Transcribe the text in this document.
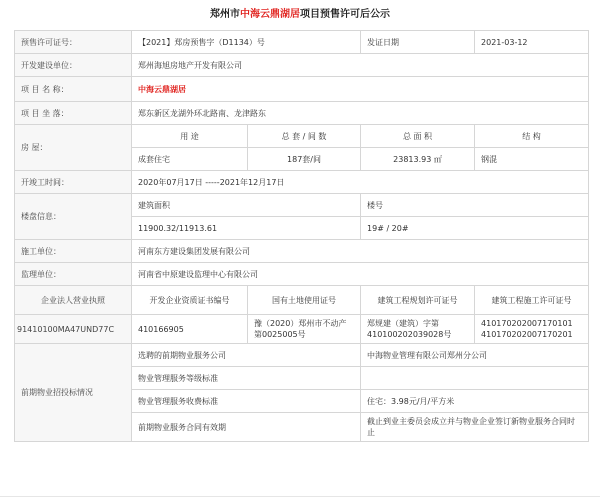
郑州市中海云鼎湖居项目预售许可后公示
预售许可证号：	【2021】郑房预售字（D1134）号		发证日期	2021-03-12
开发建设单位：	郑州海旭房地产开发有限公司			
项 目 名 称：	中海云鼎湖居			
项 目 坐 落：	郑东新区龙湖外环北路南、龙津路东			
房 屋：	用 途	总 套 / 间 数	总 面 积	结 构
	成套住宅	187套/间	23813.93 ㎡	钢混
开竣工时间：	2020年07月17日 -----2021年12月17日			
楼盘信息：	建筑面积		楼号	
	11900.32/11913.61		19# / 20#	
施工单位：	河南东方建设集团发展有限公司			
监理单位：	河南省中原建设监理中心有限公司			
企业法人营业执照	开发企业资质证书编号	国有土地使用证号	建筑工程规划许可证号	建筑工程施工许可证号
91410100MA47UND77C	410166905	豫（2020）郑州市不动产第0025005号	郑规建（建筑）字第410100202039028号	410170202007170101 410170202007170201
前期物业招投标情况	选聘的前期物业服务公司		中海物业管理有限公司郑州分公司	
	物业管理服务等级标准			
	物业管理服务收费标准		住宅：3.98元/月/平方米	
	前期物业服务合同有效期		截止到业主委员会成立并与物业企业签订新物业服务合同时止	
